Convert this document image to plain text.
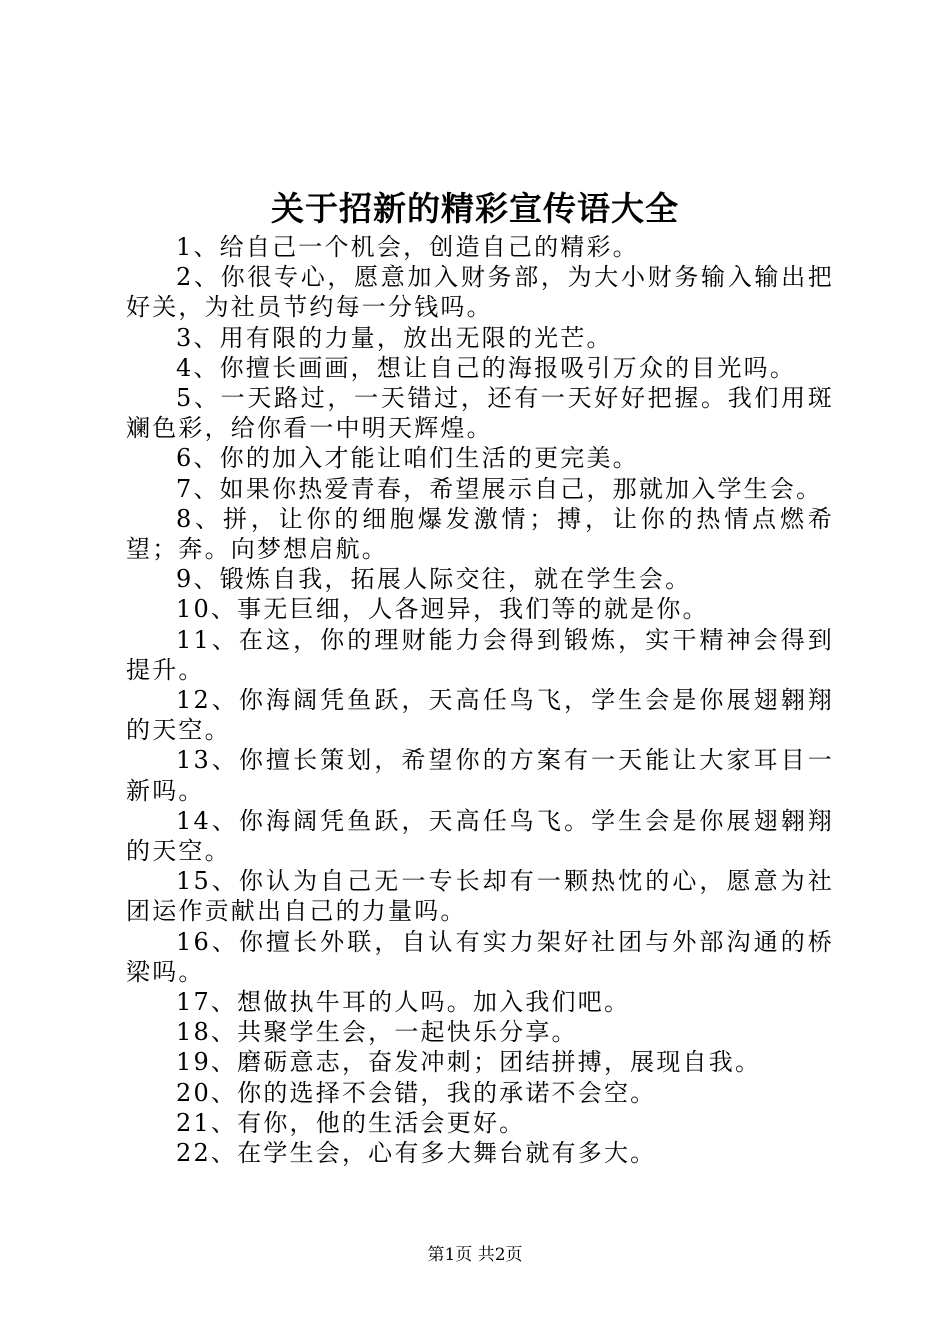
关于招新的精彩宣传语大全
1、给自己一个机会，创造自己的精彩。
2、你很专心，愿意加入财务部，为大小财务输入输出把好关，为社员节约每一分钱吗。
3、用有限的力量，放出无限的光芒。
4、你擅长画画，想让自己的海报吸引万众的目光吗。
5、一天路过，一天错过，还有一天好好把握。我们用斑斓色彩，给你看一中明天辉煌。
6、你的加入才能让咱们生活的更完美。
7、如果你热爱青春，希望展示自己，那就加入学生会。
8、拼，让你的细胞爆发激情；搏，让你的热情点燃希望；奔。向梦想启航。
9、锻炼自我，拓展人际交往，就在学生会。
10、事无巨细，人各迥异，我们等的就是你。
11、在这，你的理财能力会得到锻炼，实干精神会得到提升。
12、你海阔凭鱼跃，天高任鸟飞，学生会是你展翅翱翔的天空。
13、你擅长策划，希望你的方案有一天能让大家耳目一新吗。
14、你海阔凭鱼跃，天高任鸟飞。学生会是你展翅翱翔的天空。
15、你认为自己无一专长却有一颗热忱的心，愿意为社团运作贡献出自己的力量吗。
16、你擅长外联，自认有实力架好社团与外部沟通的桥梁吗。
17、想做执牛耳的人吗。加入我们吧。
18、共聚学生会，一起快乐分享。
19、磨砺意志，奋发冲刺；团结拼搏，展现自我。
20、你的选择不会错，我的承诺不会空。
21、有你，他的生活会更好。
22、在学生会，心有多大舞台就有多大。
第1页 共2页
